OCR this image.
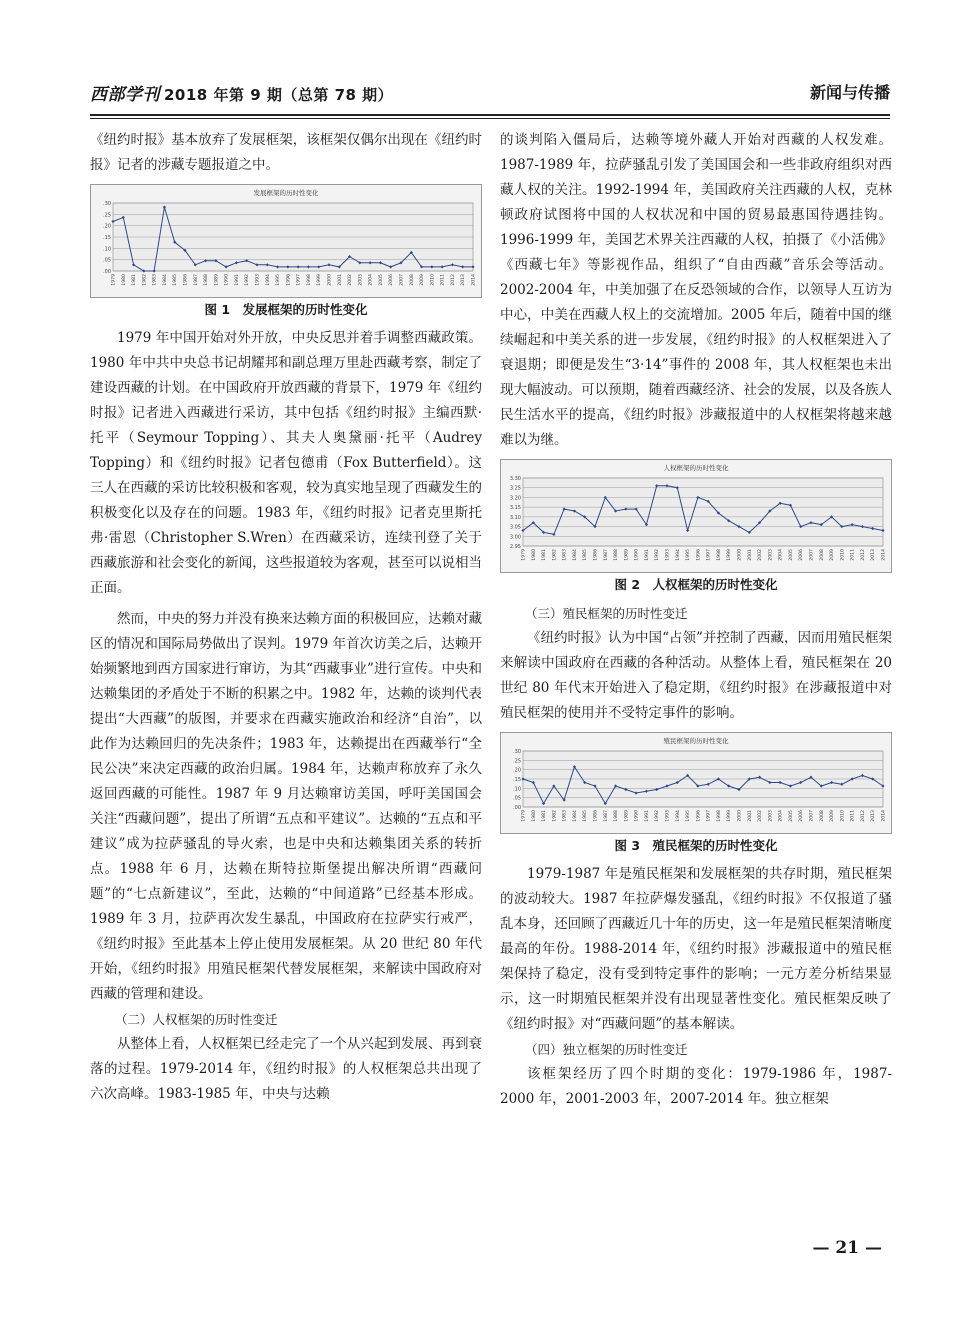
西部学刊 2018 年第 9 期（总第 78 期）	新闻与传播

《纽约时报》基本放弃了发展框架，该框架仅偶尔出现在《纽约时报》记者的涉藏专题报道之中。

发展框架的历时性变化
.30
.25
.20
.15
.10
.05
.00
1979 1980 1981 1982 1983 1984 1985 1986 1987 1988 1989 1990 1991 1992 1993 1994 1995 1996 1997 1998 1999 2000 2001 2002 2003 2004 2005 2006 2007 2008 2009 2010 2011 2012 2013 2014
图 1　发展框架的历时性变化

1979 年中国开始对外开放，中央反思并着手调整西藏政策。1980 年中共中央总书记胡耀邦和副总理万里赴西藏考察，制定了建设西藏的计划。在中国政府开放西藏的背景下，1979 年《纽约时报》记者进入西藏进行采访，其中包括《纽约时报》主编西默·托平（Seymour Topping）、其夫人奥黛丽·托平（Audrey Topping）和《纽约时报》记者包德甫（Fox Butterfield）。这三人在西藏的采访比较积极和客观，较为真实地呈现了西藏发生的积极变化以及存在的问题。1983 年，《纽约时报》记者克里斯托弗·雷恩（Christopher S.Wren）在西藏采访，连续刊登了关于西藏旅游和社会变化的新闻，这些报道较为客观，甚至可以说相当正面。

然而，中央的努力并没有换来达赖方面的积极回应，达赖对藏区的情况和国际局势做出了误判。1979 年首次访美之后，达赖开始频繁地到西方国家进行窜访，为其“西藏事业”进行宣传。中央和达赖集团的矛盾处于不断的积累之中。1982 年，达赖的谈判代表提出“大西藏”的版图，并要求在西藏实施政治和经济“自治”，以此作为达赖回归的先决条件；1983 年，达赖提出在西藏举行“全民公决”来决定西藏的政治归属。1984 年，达赖声称放弃了永久返回西藏的可能性。1987 年 9 月达赖窜访美国，呼吁美国国会关注“西藏问题”，提出了所谓“五点和平建议”。达赖的“五点和平建议”成为拉萨骚乱的导火索，也是中央和达赖集团关系的转折点。1988 年 6 月，达赖在斯特拉斯堡提出解决所谓“西藏问题”的“七点新建议”，至此，达赖的“中间道路”已经基本形成。1989 年 3 月，拉萨再次发生暴乱，中国政府在拉萨实行戒严，《纽约时报》至此基本上停止使用发展框架。从 20 世纪 80 年代开始，《纽约时报》用殖民框架代替发展框架，来解读中国政府对西藏的管理和建设。

（二）人权框架的历时性变迁

从整体上看，人权框架已经走完了一个从兴起到发展、再到衰落的过程。1979-2014 年，《纽约时报》的人权框架总共出现了六次高峰。1983-1985 年，中央与达赖

的谈判陷入僵局后，达赖等境外藏人开始对西藏的人权发难。1987-1989 年，拉萨骚乱引发了美国国会和一些非政府组织对西藏人权的关注。1992-1994 年，美国政府关注西藏的人权，克林顿政府试图将中国的人权状况和中国的贸易最惠国待遇挂钩。1996-1999 年，美国艺术界关注西藏的人权，拍摄了《小活佛》《西藏七年》等影视作品，组织了“自由西藏”音乐会等活动。2002-2004 年，中美加强了在反恐领域的合作，以领导人互访为中心，中美在西藏人权上的交流增加。2005 年后，随着中国的继续崛起和中美关系的进一步发展，《纽约时报》的人权框架进入了衰退期；即便是发生“3·14”事件的 2008 年，其人权框架也未出现大幅波动。可以预期，随着西藏经济、社会的发展，以及各族人民生活水平的提高，《纽约时报》涉藏报道中的人权框架将越来越难以为继。

人权框架的历时性变化
3.30
3.25
3.20
3.15
3.10
3.05
3.00
2.95
1979 1980 1981 1982 1983 1984 1985 1986 1987 1988 1989 1990 1991 1992 1993 1994 1995 1996 1997 1998 1999 2000 2001 2002 2003 2004 2005 2006 2007 2008 2009 2010 2011 2012 2013 2014
图 2　人权框架的历时性变化

（三）殖民框架的历时性变迁

《纽约时报》认为中国“占领”并控制了西藏，因而用殖民框架来解读中国政府在西藏的各种活动。从整体上看，殖民框架在 20 世纪 80 年代末开始进入了稳定期，《纽约时报》在涉藏报道中对殖民框架的使用并不受特定事件的影响。

殖民框架的历时性变化
.30
.25
.20
.15
.10
.05
.00
1979 1980 1981 1982 1983 1984 1985 1986 1987 1988 1989 1990 1991 1992 1993 1994 1995 1996 1997 1998 1999 2000 2001 2002 2003 2004 2005 2006 2007 2008 2009 2010 2011 2012 2013 2014
图 3　殖民框架的历时性变化

1979-1987 年是殖民框架和发展框架的共存时期，殖民框架的波动较大。1987 年拉萨爆发骚乱，《纽约时报》不仅报道了骚乱本身，还回顾了西藏近几十年的历史，这一年是殖民框架清晰度最高的年份。1988-2014 年，《纽约时报》涉藏报道中的殖民框架保持了稳定，没有受到特定事件的影响；一元方差分析结果显示，这一时期殖民框架并没有出现显著性变化。殖民框架反映了《纽约时报》对“西藏问题”的基本解读。

（四）独立框架的历时性变迁

该框架经历了四个时期的变化：1979-1986 年，1987-2000 年，2001-2003 年，2007-2014 年。独立框架

— 21 —
